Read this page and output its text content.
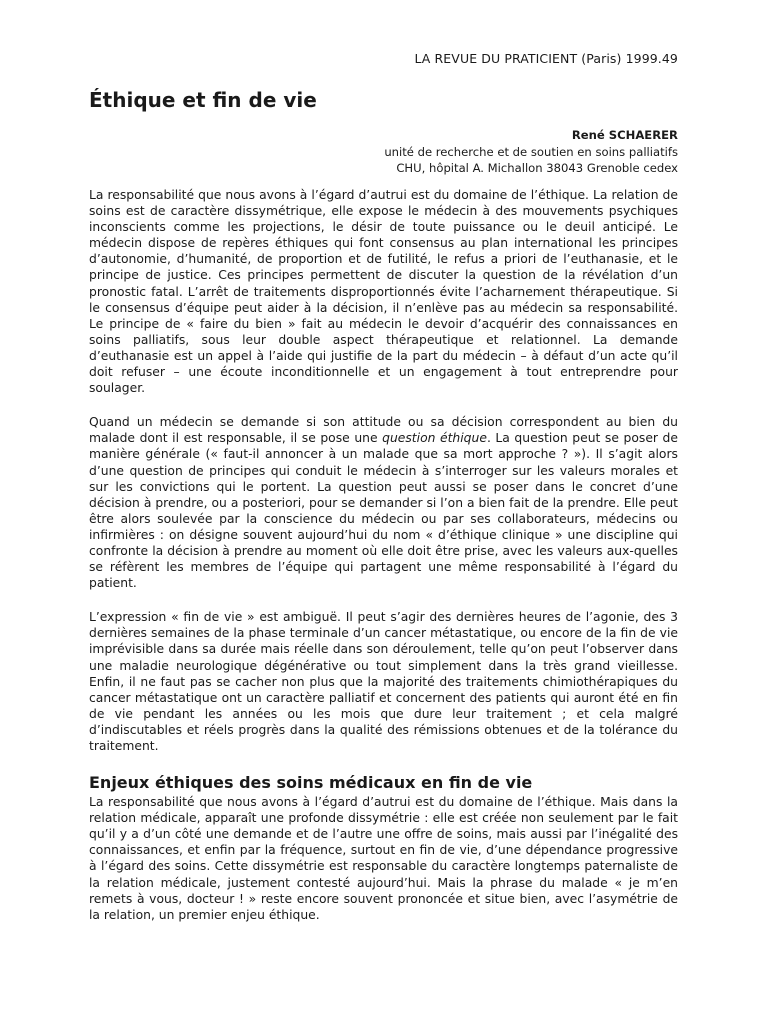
LA REVUE DU PRATICIENT (Paris) 1999.49
Éthique et fin de vie
René SCHAERER
unité de recherche et de soutien en soins palliatifs
CHU, hôpital A. Michallon 38043 Grenoble cedex

La responsabilité que nous avons à l’égard d’autrui est du domaine de l’éthique. La relation de soins est de caractère dissymétrique, elle expose le médecin à des mouvements psychiques inconscients comme les projections, le désir de toute puissance ou le deuil anticipé. Le médecin dispose de repères éthiques qui font consensus au plan international les principes d’autonomie, d’humanité, de proportion et de futilité, le refus a priori de l’euthanasie, et le principe de justice. Ces principes permettent de discuter la question de la révélation d’un pronostic fatal. L’arrêt de traitements disproportionnés évite l’acharnement thérapeutique. Si le consensus d’équipe peut aider à la décision, il n’enlève pas au médecin sa responsabilité. Le principe de « faire du bien » fait au médecin le devoir d’acquérir des connaissances en soins palliatifs, sous leur double aspect thérapeutique et relationnel. La demande d’euthanasie est un appel à l’aide qui justifie de la part du médecin – à défaut d’un acte qu’il doit refuser – une écoute inconditionnelle et un engagement à tout entreprendre pour soulager.

Quand un médecin se demande si son attitude ou sa décision correspondent au bien du malade dont il est responsable, il se pose une question éthique. La question peut se poser de manière générale (« faut-il annoncer à un malade que sa mort approche ? »). Il s’agit alors d’une question de principes qui conduit le médecin à s’interroger sur les valeurs morales et sur les convictions qui le portent. La question peut aussi se poser dans le concret d’une décision à prendre, ou a posteriori, pour se demander si l’on a bien fait de la prendre. Elle peut être alors soulevée par la conscience du médecin ou par ses collaborateurs, médecins ou infirmières : on désigne souvent aujourd’hui du nom « d’éthique clinique » une discipline qui confronte la décision à prendre au moment où elle doit être prise, avec les valeurs aux-quelles se réfèrent les membres de l’équipe qui partagent une même responsabilité à l’égard du patient.

L’expression « fin de vie » est ambiguë. Il peut s’agir des dernières heures de l’agonie, des 3 dernières semaines de la phase terminale d’un cancer métastatique, ou encore de la fin de vie imprévisible dans sa durée mais réelle dans son déroulement, telle qu’on peut l’observer dans une maladie neurologique dégénérative ou tout simplement dans la très grand vieillesse. Enfin, il ne faut pas se cacher non plus que la majorité des traitements chimiothérapiques du cancer métastatique ont un caractère palliatif et concernent des patients qui auront été en fin de vie pendant les années ou les mois que dure leur traitement ; et cela malgré d’indiscutables et réels progrès dans la qualité des rémissions obtenues et de la tolérance du traitement.

Enjeux éthiques des soins médicaux en fin de vie

La responsabilité que nous avons à l’égard d’autrui est du domaine de l’éthique. Mais dans la relation médicale, apparaît une profonde dissymétrie : elle est créée non seulement par le fait qu’il y a d’un côté une demande et de l’autre une offre de soins, mais aussi par l’inégalité des connaissances, et enfin par la fréquence, surtout en fin de vie, d’une dépendance progressive à l’égard des soins. Cette dissymétrie est responsable du caractère longtemps paternaliste de la relation médicale, justement contesté aujourd’hui. Mais la phrase du malade « je m’en remets à vous, docteur ! » reste encore souvent prononcée et situe bien, avec l’asymétrie de la relation, un premier enjeu éthique.
